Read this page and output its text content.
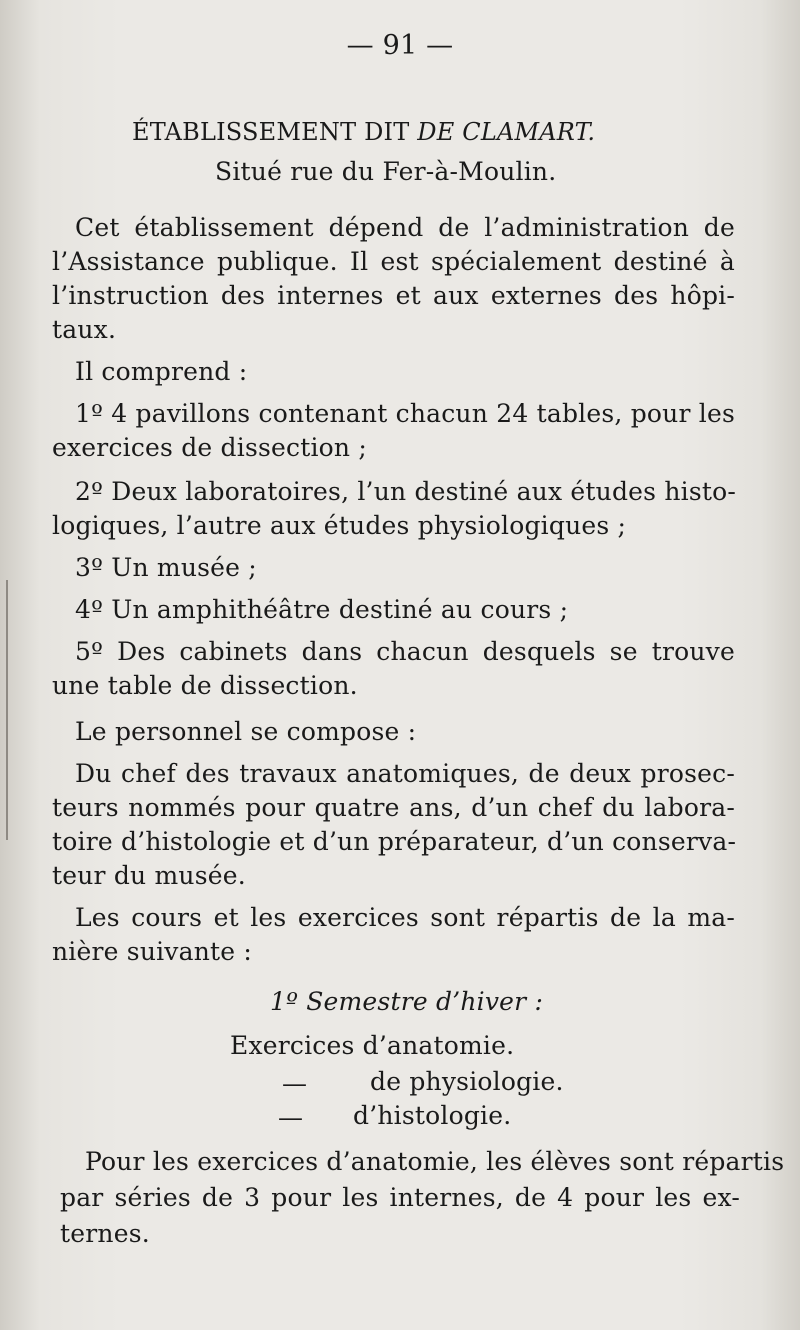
— 91 —
ÉTABLISSEMENT DIT DE CLAMART.
Situé rue du Fer-à-Moulin.
Cet établissement dépend de l’administration de
l’Assistance publique. Il est spécialement destiné à
l’instruction des internes et aux externes des hôpi-
taux.
Il comprend :
1º 4 pavillons contenant chacun 24 tables, pour les
exercices de dissection ;
2º Deux laboratoires, l’un destiné aux études histo-
logiques, l’autre aux études physiologiques ;
3º Un musée ;
4º Un amphithéâtre destiné au cours ;
5º Des cabinets dans chacun desquels se trouve
une table de dissection.
Le personnel se compose :
Du chef des travaux anatomiques, de deux prosec-
teurs nommés pour quatre ans, d’un chef du labora-
toire d’histologie et d’un préparateur, d’un conserva-
teur du musée.
Les cours et les exercices sont répartis de la ma-
nière suivante :
1º Semestre d’hiver :
Exercices d’anatomie.
—	de physiologie.
— d’histologie.
Pour les exercices d’anatomie, les élèves sont répartis
par séries de 3 pour les internes, de 4 pour les ex-
ternes.
